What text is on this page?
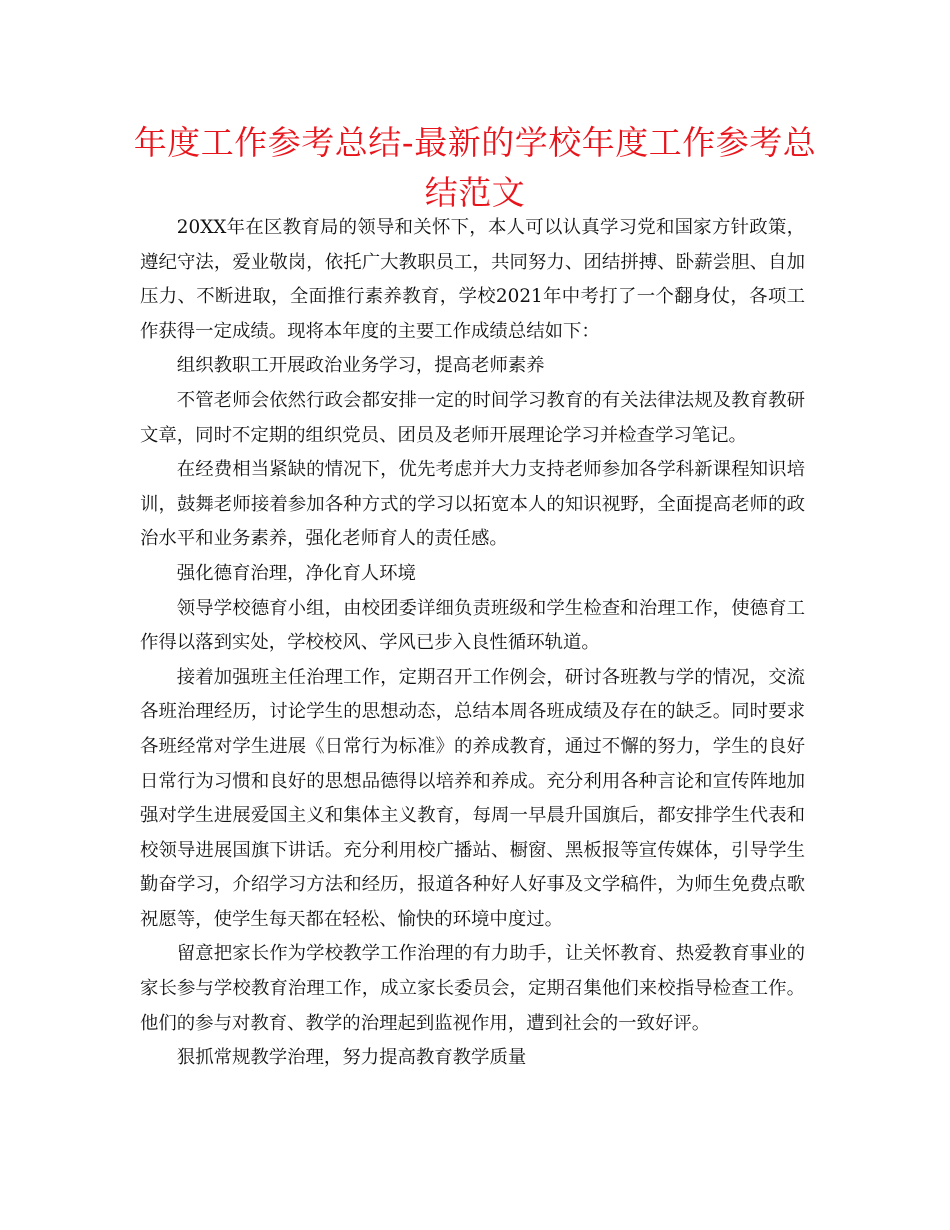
年度工作参考总结-最新的学校年度工作参考总结范文

20XX年在区教育局的领导和关怀下，本人可以认真学习党和国家方针政策，遵纪守法，爱业敬岗，依托广大教职员工，共同努力、团结拼搏、卧薪尝胆、自加压力、不断进取，全面推行素养教育，学校2021年中考打了一个翻身仗，各项工作获得一定成绩。现将本年度的主要工作成绩总结如下：

组织教职工开展政治业务学习，提高老师素养

不管老师会依然行政会都安排一定的时间学习教育的有关法律法规及教育教研文章，同时不定期的组织党员、团员及老师开展理论学习并检查学习笔记。

在经费相当紧缺的情况下，优先考虑并大力支持老师参加各学科新课程知识培训，鼓舞老师接着参加各种方式的学习以拓宽本人的知识视野，全面提高老师的政治水平和业务素养，强化老师育人的责任感。

强化德育治理，净化育人环境

领导学校德育小组，由校团委详细负责班级和学生检查和治理工作，使德育工作得以落到实处，学校校风、学风已步入良性循环轨道。

接着加强班主任治理工作，定期召开工作例会，研讨各班教与学的情况，交流各班治理经历，讨论学生的思想动态，总结本周各班成绩及存在的缺乏。同时要求各班经常对学生进展《日常行为标准》的养成教育，通过不懈的努力，学生的良好日常行为习惯和良好的思想品德得以培养和养成。充分利用各种言论和宣传阵地加强对学生进展爱国主义和集体主义教育，每周一早晨升国旗后，都安排学生代表和校领导进展国旗下讲话。充分利用校广播站、橱窗、黑板报等宣传媒体，引导学生勤奋学习，介绍学习方法和经历，报道各种好人好事及文学稿件，为师生免费点歌祝愿等，使学生每天都在轻松、愉快的环境中度过。

留意把家长作为学校教学工作治理的有力助手，让关怀教育、热爱教育事业的家长参与学校教育治理工作，成立家长委员会，定期召集他们来校指导检查工作。他们的参与对教育、教学的治理起到监视作用，遭到社会的一致好评。

狠抓常规教学治理，努力提高教育教学质量
